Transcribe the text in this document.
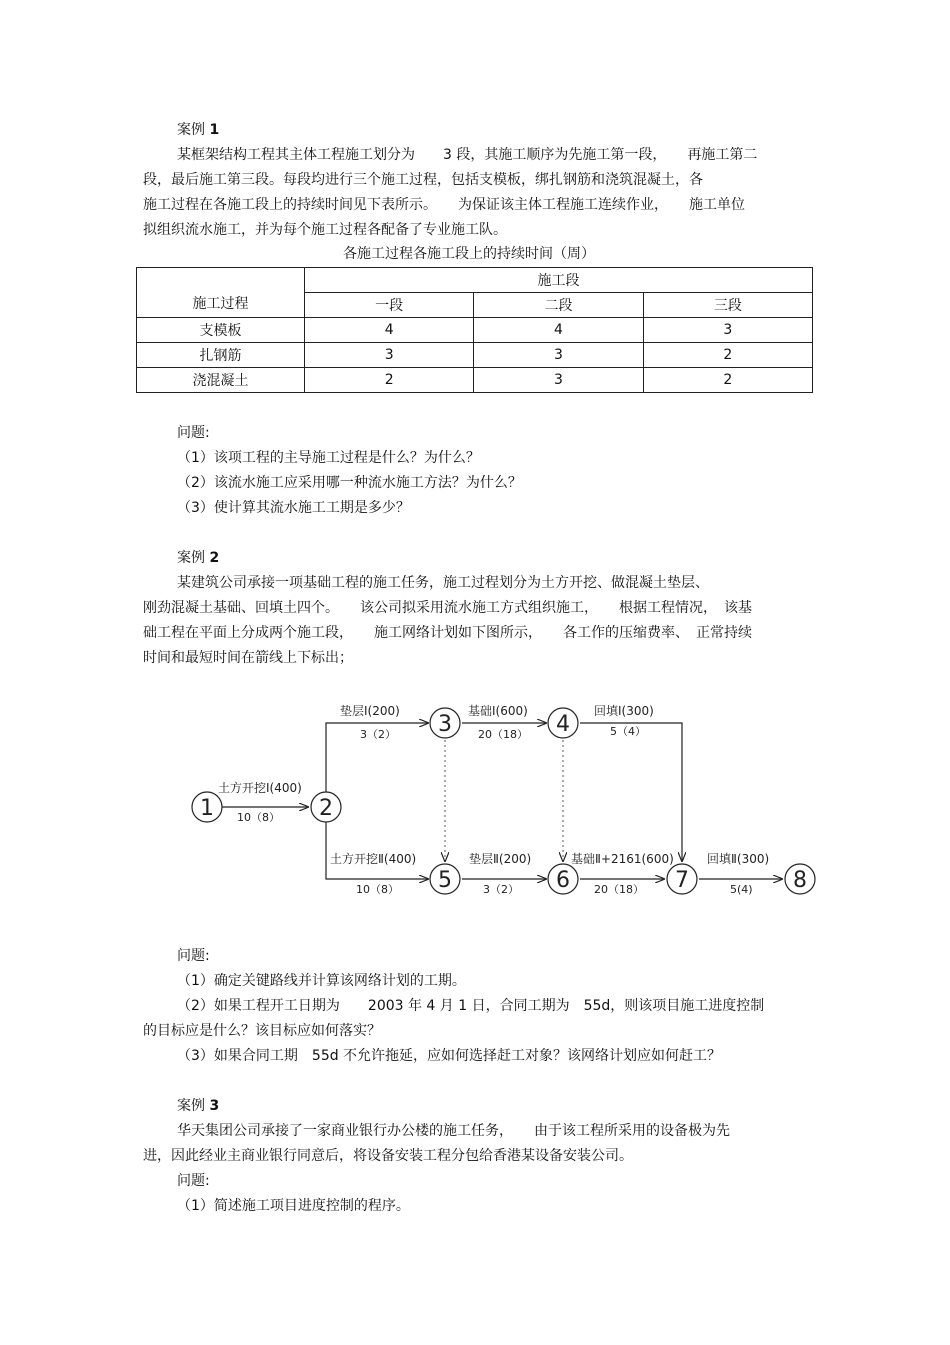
案例 1
某框架结构工程其主体工程施工划分为　　3 段，其施工顺序为先施工第一段，　　再施工第二
段，最后施工第三段。每段均进行三个施工过程，包括支模板，绑扎钢筋和浇筑混凝土，各
施工过程在各施工段上的持续时间见下表所示。　　为保证该主体工程施工连续作业，　　施工单位
拟组织流水施工，并为每个施工过程各配备了专业施工队。
各施工过程各施工段上的持续时间（周）
施工过程	施工段		
	一段	二段	三段
支模板	4	4	3
扎钢筋	3	3	2
浇混凝土	2	3	2
问题:
（1）该项工程的主导施工过程是什么？为什么？
（2）该流水施工应采用哪一种流水施工方法？为什么？
（3）使计算其流水施工工期是多少？
案例 2
某建筑公司承接一项基础工程的施工任务，施工过程划分为土方开挖、做混凝土垫层、
刚劲混凝土基础、回填土四个。　　该公司拟采用流水施工方式组织施工，　　根据工程情况，　该基
础工程在平面上分成两个施工段，　　施工网络计划如下图所示，　　各工作的压缩费率、　正常持续
时间和最短时间在箭线上下标出；
1	2
3	4
5	6	7	8
土方开挖Ⅰ(400)
10（8）
垫层Ⅰ(200)
3（2）
基础Ⅰ(600)
20（18）
回填Ⅰ(300)
5（4）
土方开挖Ⅱ(400)
10（8）
垫层Ⅱ(200)
3（2）
基础Ⅱ+2161(600)
20（18）
回填Ⅱ(300)
5(4)
问题:
（1）确定关键路线并计算该网络计划的工期。
（2）如果工程开工日期为　　2003 年 4 月 1 日，合同工期为　55d，则该项目施工进度控制
的目标应是什么？该目标应如何落实？
（3）如果合同工期　55d 不允许拖延，应如何选择赶工对象？该网络计划应如何赶工？
案例 3
华天集团公司承接了一家商业银行办公楼的施工任务，　　由于该工程所采用的设备极为先
进，因此经业主商业银行同意后，将设备安装工程分包给香港某设备安装公司。
问题:
（1）简述施工项目进度控制的程序。
